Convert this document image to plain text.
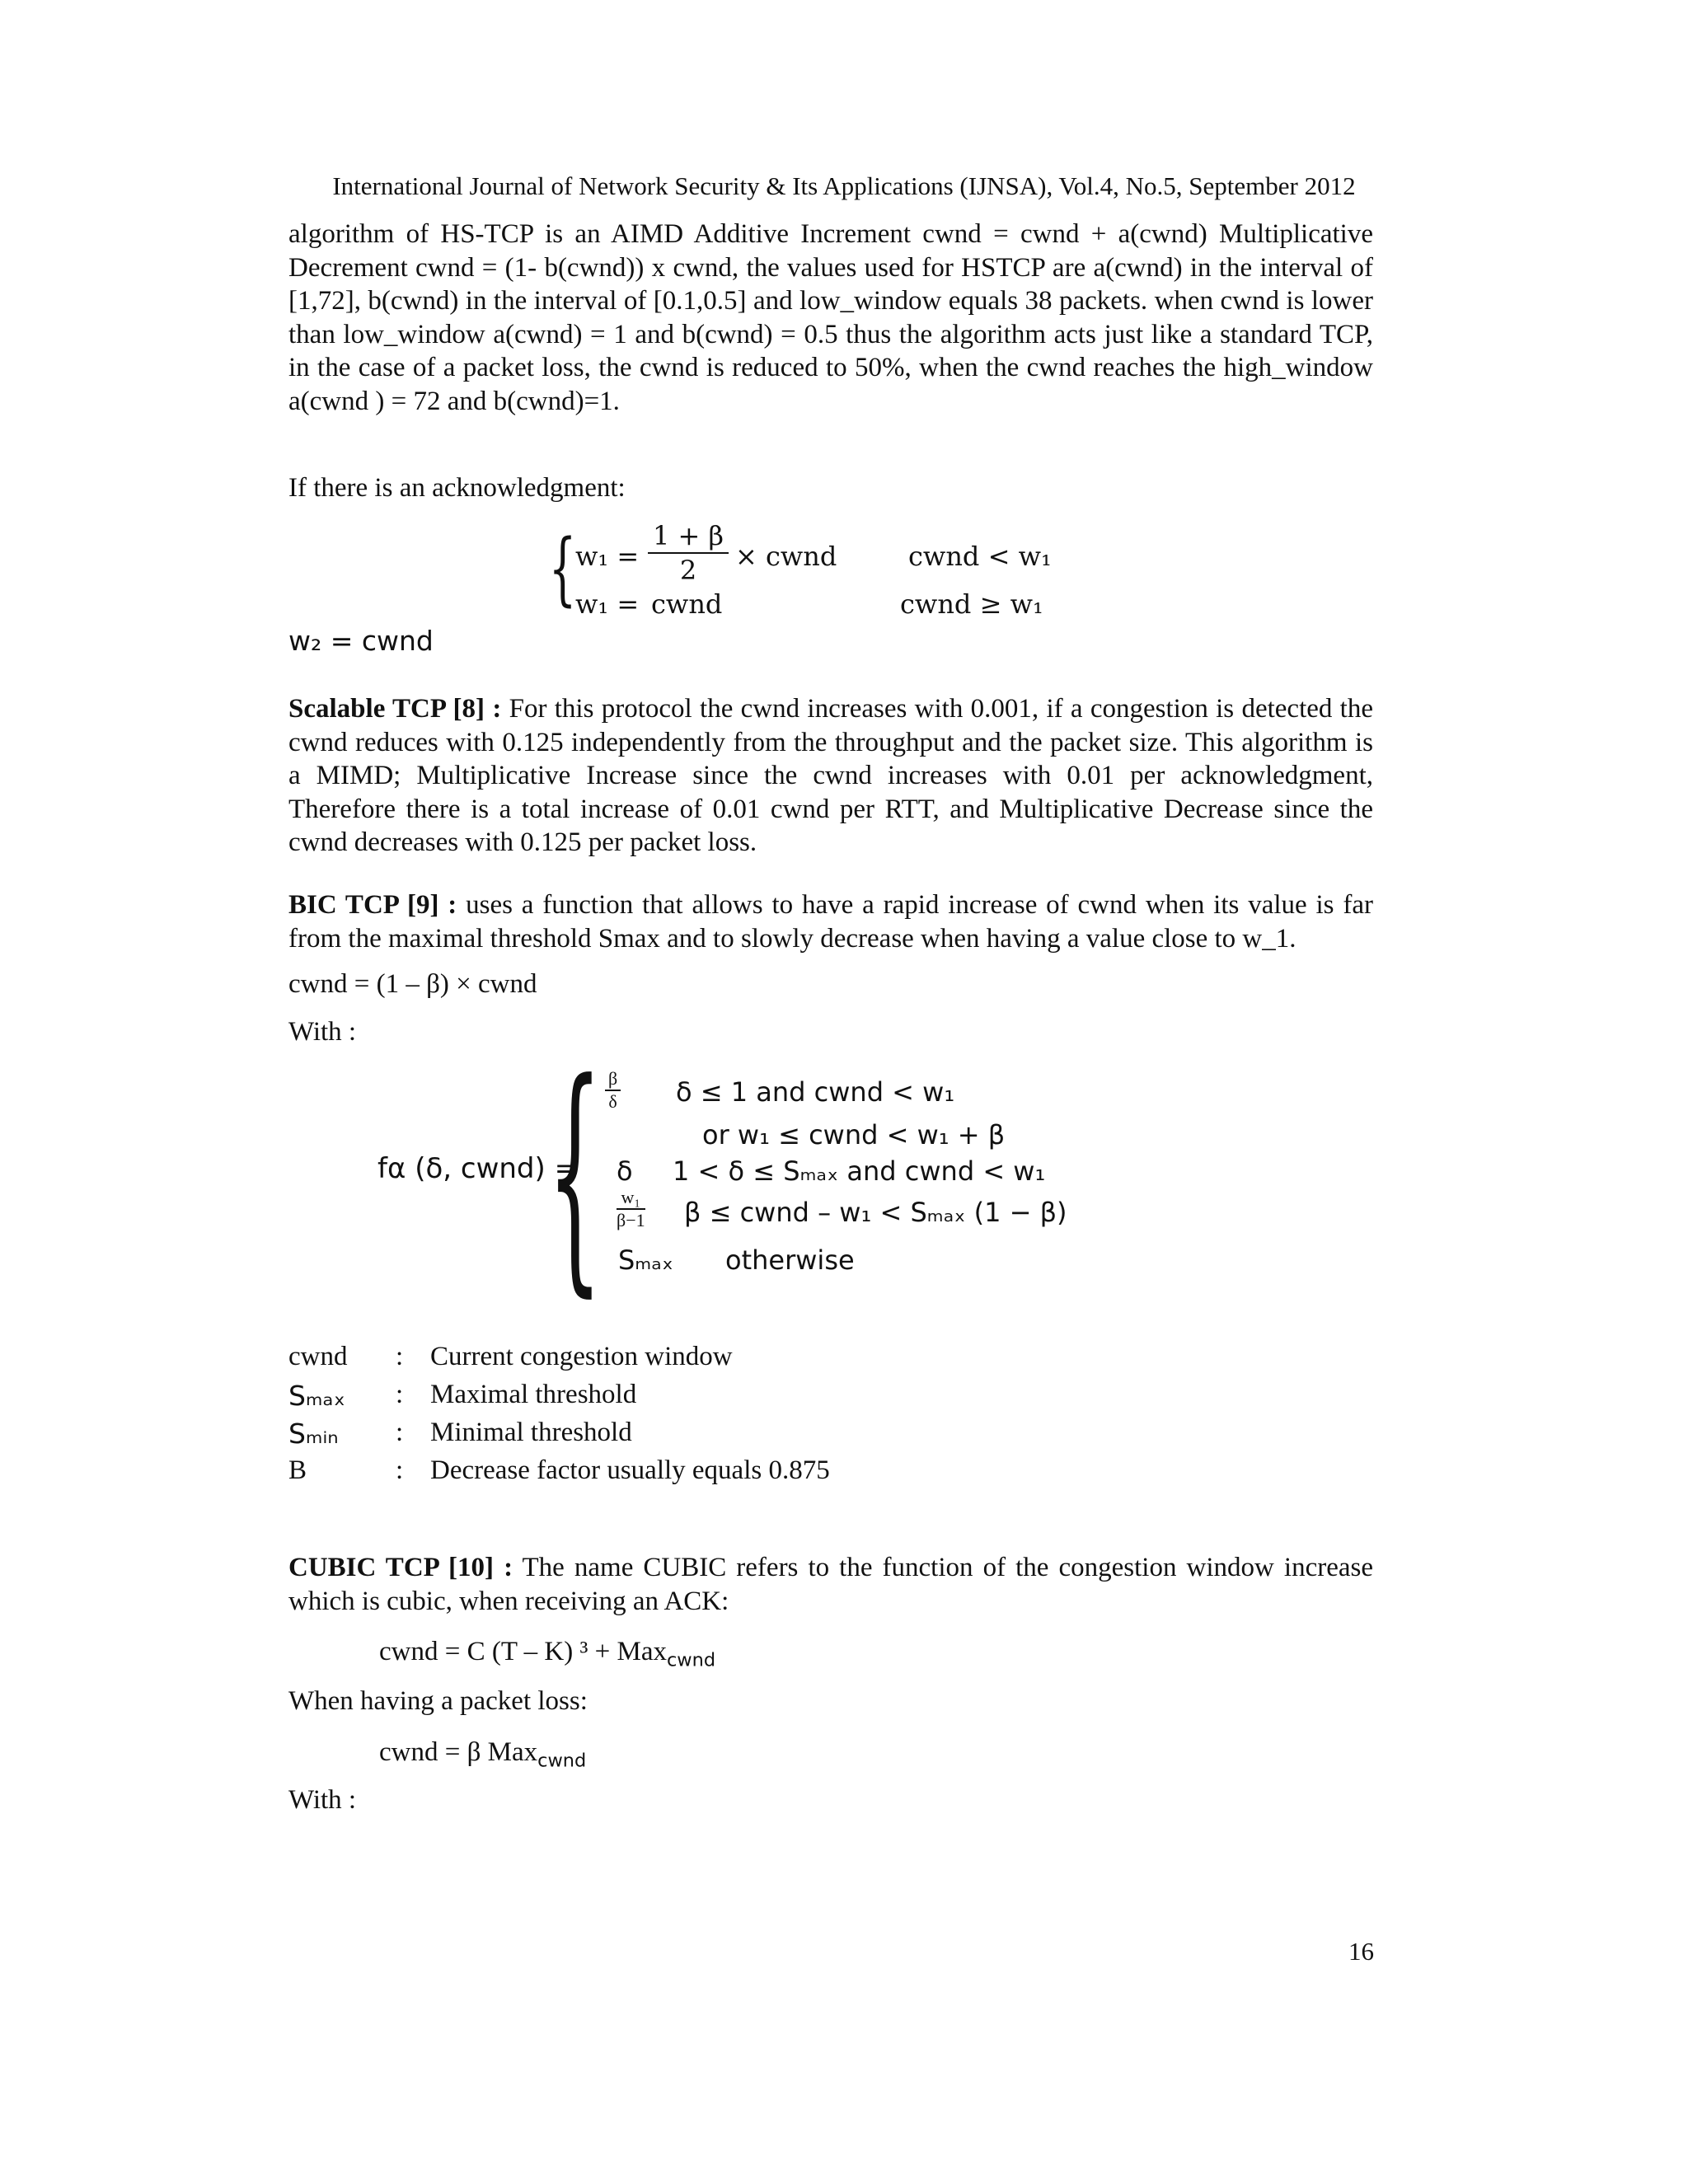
International Journal of Network Security & Its Applications (IJNSA), Vol.4, No.5, September 2012
algorithm of HS-TCP is an AIMD Additive Increment cwnd = cwnd + a(cwnd) Multiplicative Decrement cwnd = (1- b(cwnd)) x cwnd, the values used for HSTCP are a(cwnd) in the interval of [1,72], b(cwnd) in the interval of [0.1,0.5] and low_window equals 38 packets. when cwnd is lower than low_window a(cwnd) = 1 and b(cwnd) = 0.5 thus the algorithm acts just like a standard TCP, in the case of a packet loss, the cwnd is reduced to 50%, when the cwnd reaches the high_window a(cwnd ) = 72 and b(cwnd)=1.
If there is an acknowledgment:
{
$w_1 = \frac{1 + \beta}{2}$ × cwnd	cwnd < w₁
w₁ = cwnd	cwnd ≥ w₁
w₂ = cwnd
Scalable TCP [8] : For this protocol the cwnd increases with 0.001, if a congestion is detected the cwnd reduces with 0.125 independently from the throughput and the packet size. This algorithm is a MIMD; Multiplicative Increase since the cwnd increases with 0.01 per acknowledgment, Therefore there is a total increase of 0.01 cwnd per RTT, and Multiplicative Decrease since the cwnd decreases with 0.125 per packet loss.
BIC TCP [9] : uses a function that allows to have a rapid increase of cwnd when its value is far from the maximal threshold Smax and to slowly decrease when having a value close to w_1.
cwnd = (1 – β) × cwnd
With :
fα (δ, cwnd) =
{ $\frac{\beta}{\delta}$ δ ≤ 1 and cwnd < w₁
or w₁ ≤ cwnd < w₁ + β
δ 1 < δ ≤ Sₘₐₓ and cwnd < w₁
$\frac{\text{w₁}}{\beta-1}$ β ≤ cwnd – w₁ < Sₘₐₓ (1 − β)
Sₘₐₓ otherwise
cwnd	: Current congestion window
Sₘₐₓ	: Maximal threshold
Sₘᵢₙ	: Minimal threshold
B	: Decrease factor usually equals 0.875
CUBIC TCP [10] : The name CUBIC refers to the function of the congestion window increase which is cubic, when receiving an ACK:
cwnd = C (T – K) ³ + Max$_{cwnd}$
When having a packet loss:
cwnd = β Max$_{cwnd}$
With :
16
